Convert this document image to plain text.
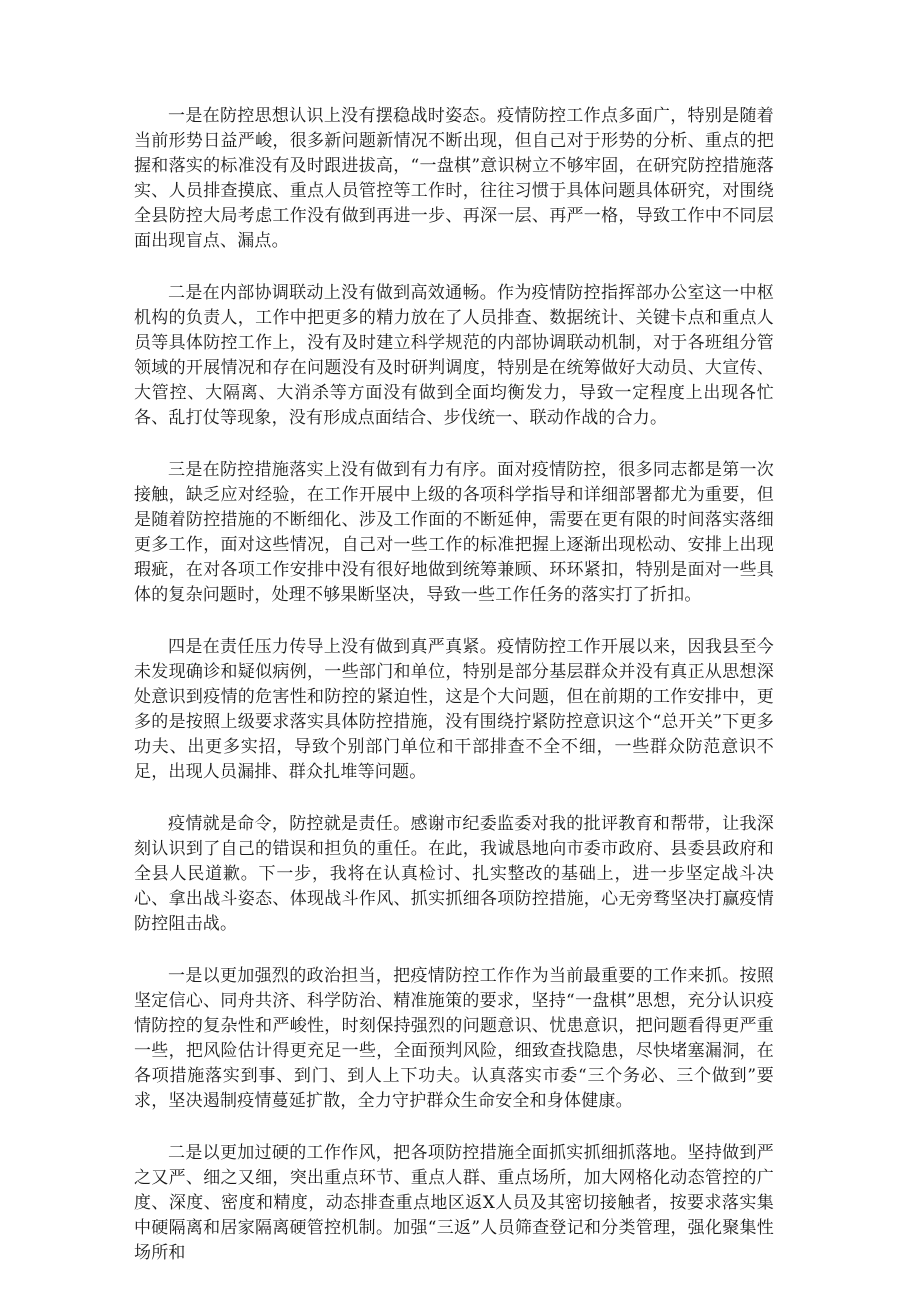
一是在防控思想认识上没有摆稳战时姿态。疫情防控工作点多面广，特别是随着当前形势日益严峻，很多新问题新情况不断出现，但自己对于形势的分析、重点的把握和落实的标准没有及时跟进拔高，“一盘棋”意识树立不够牢固，在研究防控措施落实、人员排查摸底、重点人员管控等工作时，往往习惯于具体问题具体研究，对围绕全县防控大局考虑工作没有做到再进一步、再深一层、再严一格，导致工作中不同层面出现盲点、漏点。

二是在内部协调联动上没有做到高效通畅。作为疫情防控指挥部办公室这一中枢机构的负责人，工作中把更多的精力放在了人员排查、数据统计、关键卡点和重点人员等具体防控工作上，没有及时建立科学规范的内部协调联动机制，对于各班组分管领域的开展情况和存在问题没有及时研判调度，特别是在统筹做好大动员、大宣传、大管控、大隔离、大消杀等方面没有做到全面均衡发力，导致一定程度上出现各忙各、乱打仗等现象，没有形成点面结合、步伐统一、联动作战的合力。

三是在防控措施落实上没有做到有力有序。面对疫情防控，很多同志都是第一次接触，缺乏应对经验，在工作开展中上级的各项科学指导和详细部署都尤为重要，但是随着防控措施的不断细化、涉及工作面的不断延伸，需要在更有限的时间落实落细更多工作，面对这些情况，自己对一些工作的标准把握上逐渐出现松动、安排上出现瑕疵，在对各项工作安排中没有很好地做到统筹兼顾、环环紧扣，特别是面对一些具体的复杂问题时，处理不够果断坚决，导致一些工作任务的落实打了折扣。

四是在责任压力传导上没有做到真严真紧。疫情防控工作开展以来，因我县至今未发现确诊和疑似病例，一些部门和单位，特别是部分基层群众并没有真正从思想深处意识到疫情的危害性和防控的紧迫性，这是个大问题，但在前期的工作安排中，更多的是按照上级要求落实具体防控措施，没有围绕拧紧防控意识这个“总开关”下更多功夫、出更多实招，导致个别部门单位和干部排查不全不细，一些群众防范意识不足，出现人员漏排、群众扎堆等问题。

疫情就是命令，防控就是责任。感谢市纪委监委对我的批评教育和帮带，让我深刻认识到了自己的错误和担负的重任。在此，我诚恳地向市委市政府、县委县政府和全县人民道歉。下一步，我将在认真检讨、扎实整改的基础上，进一步坚定战斗决心、拿出战斗姿态、体现战斗作风、抓实抓细各项防控措施，心无旁骛坚决打赢疫情防控阻击战。

一是以更加强烈的政治担当，把疫情防控工作作为当前最重要的工作来抓。按照坚定信心、同舟共济、科学防治、精准施策的要求，坚持“一盘棋”思想，充分认识疫情防控的复杂性和严峻性，时刻保持强烈的问题意识、忧患意识，把问题看得更严重一些，把风险估计得更充足一些，全面预判风险，细致查找隐患，尽快堵塞漏洞，在各项措施落实到事、到门、到人上下功夫。认真落实市委“三个务必、三个做到”要求，坚决遏制疫情蔓延扩散，全力守护群众生命安全和身体健康。

二是以更加过硬的工作作风，把各项防控措施全面抓实抓细抓落地。坚持做到严之又严、细之又细，突出重点环节、重点人群、重点场所，加大网格化动态管控的广度、深度、密度和精度，动态排查重点地区返X人员及其密切接触者，按要求落实集中硬隔离和居家隔离硬管控机制。加强“三返”人员筛查登记和分类管理，强化聚集性场所和
